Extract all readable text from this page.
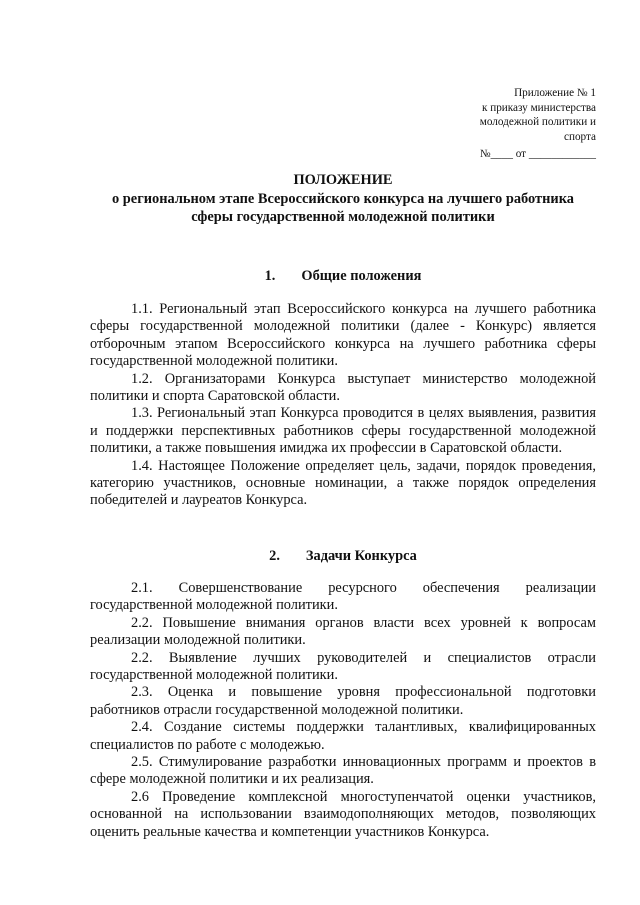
Приложение № 1
к приказу министерства
молодежной политики и
спорта
№____ от ____________
ПОЛОЖЕНИЕ
о региональном этапе Всероссийского конкурса на лучшего работника
сферы государственной молодежной политики
1. Общие положения

1.1. Региональный этап Всероссийского конкурса на лучшего работника сферы государственной молодежной политики (далее - Конкурс) является отборочным этапом Всероссийского конкурса на лучшего работника сферы государственной молодежной политики.

1.2. Организаторами Конкурса выступает министерство молодежной политики и спорта Саратовской области.

1.3. Региональный этап Конкурса проводится в целях выявления, развития и поддержки перспективных работников сферы государственной молодежной политики, а также повышения имиджа их профессии в Саратовской области.

1.4. Настоящее Положение определяет цель, задачи, порядок проведения, категорию участников, основные номинации, а также порядок определения победителей и лауреатов Конкурса.

2. Задачи Конкурса

2.1. Совершенствование ресурсного обеспечения реализации государственной молодежной политики.

2.2. Повышение внимания органов власти всех уровней к вопросам реализации молодежной политики.

2.2. Выявление лучших руководителей и специалистов отрасли государственной молодежной политики.

2.3. Оценка и повышение уровня профессиональной подготовки работников отрасли государственной молодежной политики.

2.4. Создание системы поддержки талантливых, квалифицированных специалистов по работе с молодежью.

2.5. Стимулирование разработки инновационных программ и проектов в сфере молодежной политики и их реализация.

2.6 Проведение комплексной многоступенчатой оценки участников, основанной на использовании взаимодополняющих методов, позволяющих оценить реальные качества и компетенции участников Конкурса.
